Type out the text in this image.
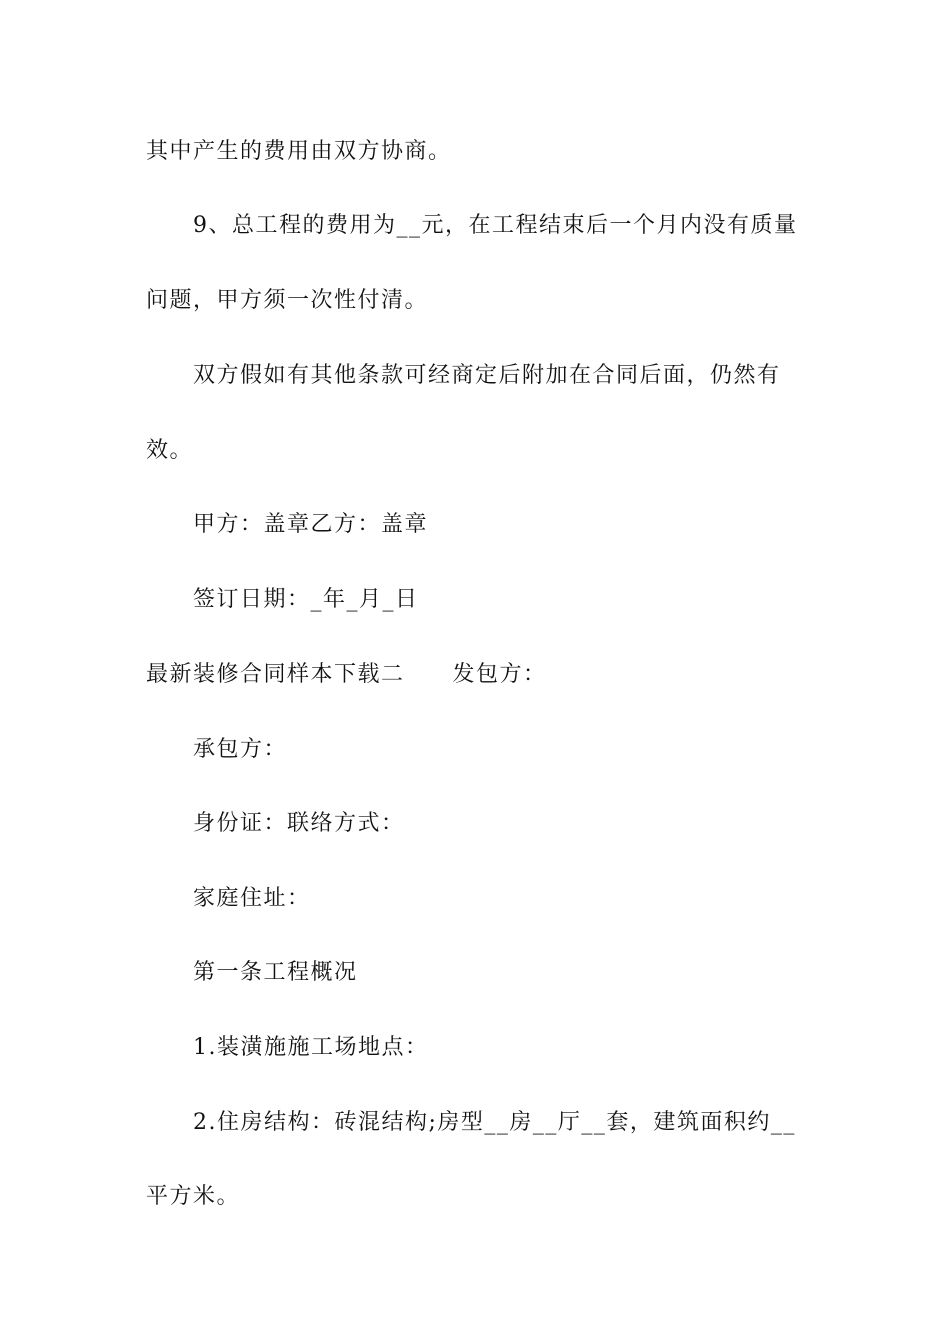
其中产生的费用由双方协商。
9、总工程的费用为__元，在工程结束后一个月内没有质量
问题，甲方须一次性付清。
双方假如有其他条款可经商定后附加在合同后面，仍然有
效。
甲方：盖章乙方：盖章
签订日期：_年_月_日
最新装修合同样本下载二 发包方：
承包方：
身份证：联络方式：
家庭住址：
第一条工程概况
1.装潢施施工场地点：
2.住房结构：砖混结构;房型__房__厅__套，建筑面积约__
平方米。
